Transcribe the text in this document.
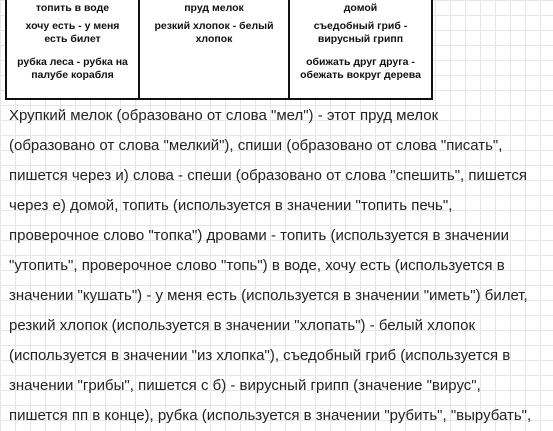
топить в воде
хочу есть - у меня есть билет
рубка леса - рубка на палубе корабля
пруд мелок
резкий хлопок - белый хлопок
домой
съедобный гриб - вирусный грипп
обижать друг друга - обежать вокруг дерева
Хрупкий мелок (образовано от слова "мел") - этот пруд мелок
(образовано от слова "мелкий"), спиши (образовано от слова "писать",
пишется через и) слова - спеши (образовано от слова "спешить", пишется
через е) домой, топить (используется в значении "топить печь",
проверочное слово "топка") дровами - топить (используется в значении
"утопить", проверочное слово "топь") в воде, хочу есть (используется в
значении "кушать") - у меня есть (используется в значении "иметь") билет,
резкий хлопок (используется в значении "хлопать") - белый хлопок
(используется в значении "из хлопка"), съедобный гриб (используется в
значении "грибы", пишется с б) - вирусный грипп (значение "вирус",
пишется пп в конце), рубка (используется в значении "рубить", "вырубать",
